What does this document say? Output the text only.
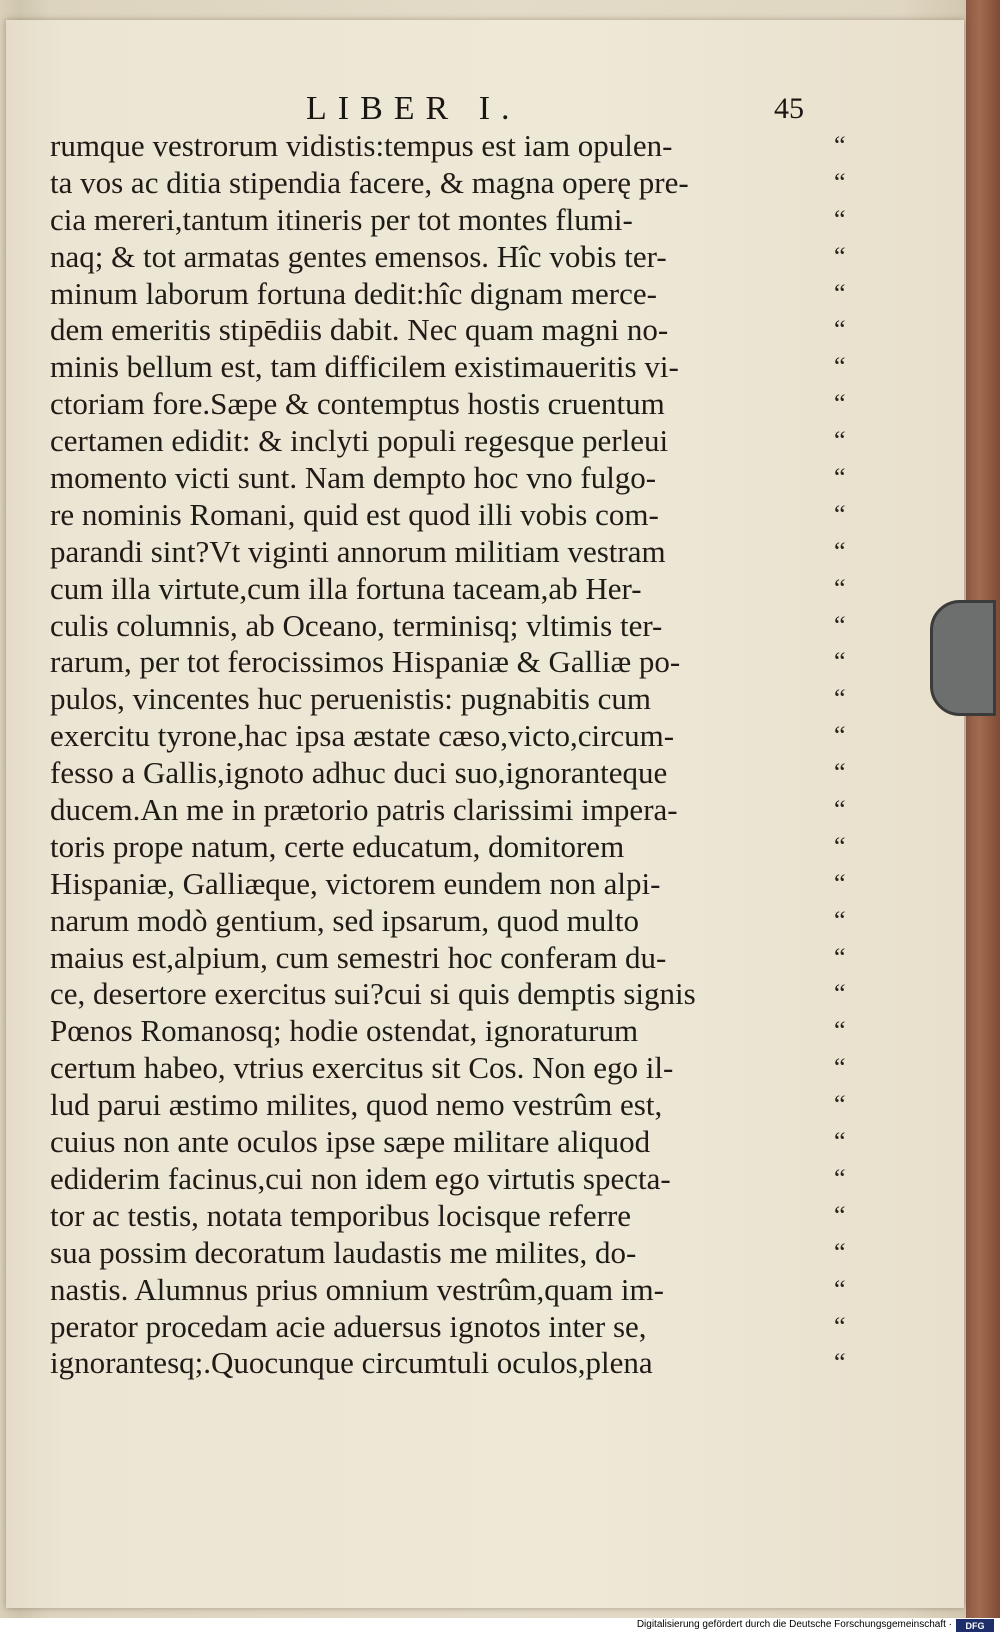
LIBER I.	45
rumque vestrorum vidistis:tempus est iam opulen-
ta vos ac ditia stipendia facere, & magna operę pre-
cia mereri,tantum itineris per tot montes flumi-
naq; & tot armatas gentes emensos. Hîc vobis ter-
minum laborum fortuna dedit:hîc dignam merce-
dem emeritis stipēdiis dabit. Nec quam magni no-
minis bellum est, tam difficilem existimaueritis vi-
ctoriam fore.Sæpe & contemptus hostis cruentum
certamen edidit: & inclyti populi regesque perleui
momento victi sunt. Nam dempto hoc vno fulgo-
re nominis Romani, quid est quod illi vobis com-
parandi sint?Vt viginti annorum militiam vestram
cum illa virtute,cum illa fortuna taceam,ab Her-
culis columnis, ab Oceano, terminisq; vltimis ter-
rarum, per tot ferocissimos Hispaniæ & Galliæ po-
pulos, vincentes huc peruenistis: pugnabitis cum
exercitu tyrone,hac ipsa æstate cæso,victo,circum-
fesso a Gallis,ignoto adhuc duci suo,ignoranteque
ducem.An me in prætorio patris clarissimi impera-
toris prope natum, certe educatum, domitorem
Hispaniæ, Galliæque, victorem eundem non alpi-
narum modò gentium, sed ipsarum, quod multo
maius est,alpium, cum semestri hoc conferam du-
ce, desertore exercitus sui?cui si quis demptis signis
Pœnos Romanosq; hodie ostendat, ignoraturum
certum habeo, vtrius exercitus sit Cos. Non ego il-
lud parui æstimo milites, quod nemo vestrûm est,
cuius non ante oculos ipse sæpe militare aliquod
ediderim facinus,cui non idem ego virtutis specta-
tor ac testis, notata temporibus locisque referre
sua possim decoratum laudastis me milites, do-
nastis. Alumnus prius omnium vestrûm,quam im-
perator procedam acie aduersus ignotos inter se,
ignorantesq;.Quocunque circumtuli oculos,plena
“
“
“
“
“
“
“
“
“
“
“
“
“
“
“
“
“
“
“
“
“
“
“
“
“
“
“
“
“
“
“
“
“
“
Digitalisierung gefördert durch die Deutsche Forschungsgemeinschaft ·	DFG
